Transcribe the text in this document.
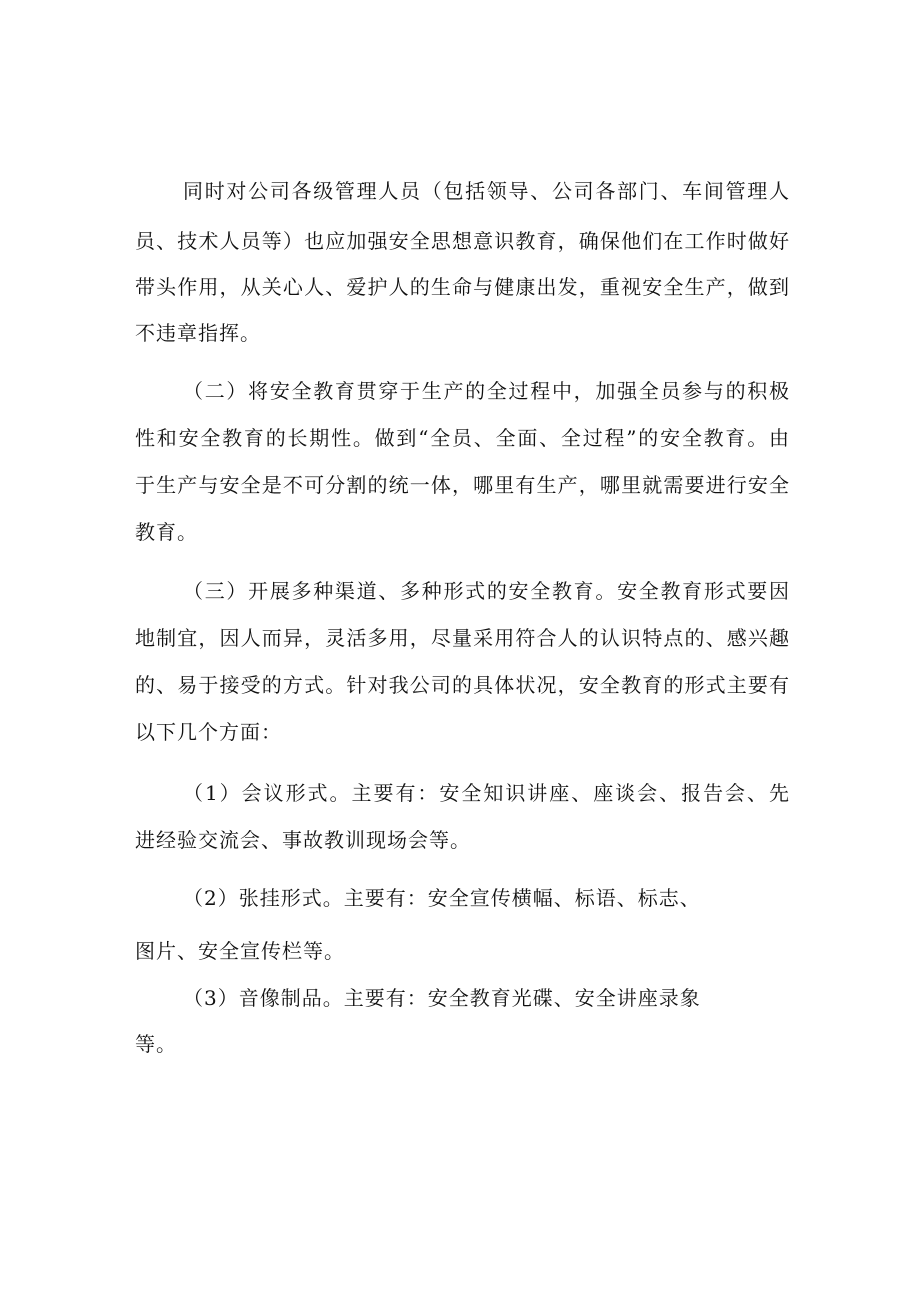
同时对公司各级管理人员（包括领导、公司各部门、车间管理人
员、技术人员等）也应加强安全思想意识教育，确保他们在工作时做好
带头作用，从关心人、爱护人的生命与健康出发，重视安全生产，做到
不违章指挥。
（二）将安全教育贯穿于生产的全过程中，加强全员参与的积极
性和安全教育的长期性。做到“全员、全面、全过程”的安全教育。由
于生产与安全是不可分割的统一体，哪里有生产，哪里就需要进行安全
教育。
（三）开展多种渠道、多种形式的安全教育。安全教育形式要因
地制宜，因人而异，灵活多用，尽量采用符合人的认识特点的、感兴趣
的、易于接受的方式。针对我公司的具体状况，安全教育的形式主要有
以下几个方面：
（1）会议形式。主要有：安全知识讲座、座谈会、报告会、先
进经验交流会、事故教训现场会等。
（2）张挂形式。主要有：安全宣传横幅、标语、标志、
图片、安全宣传栏等。
（3）音像制品。主要有：安全教育光碟、安全讲座录象
等。
